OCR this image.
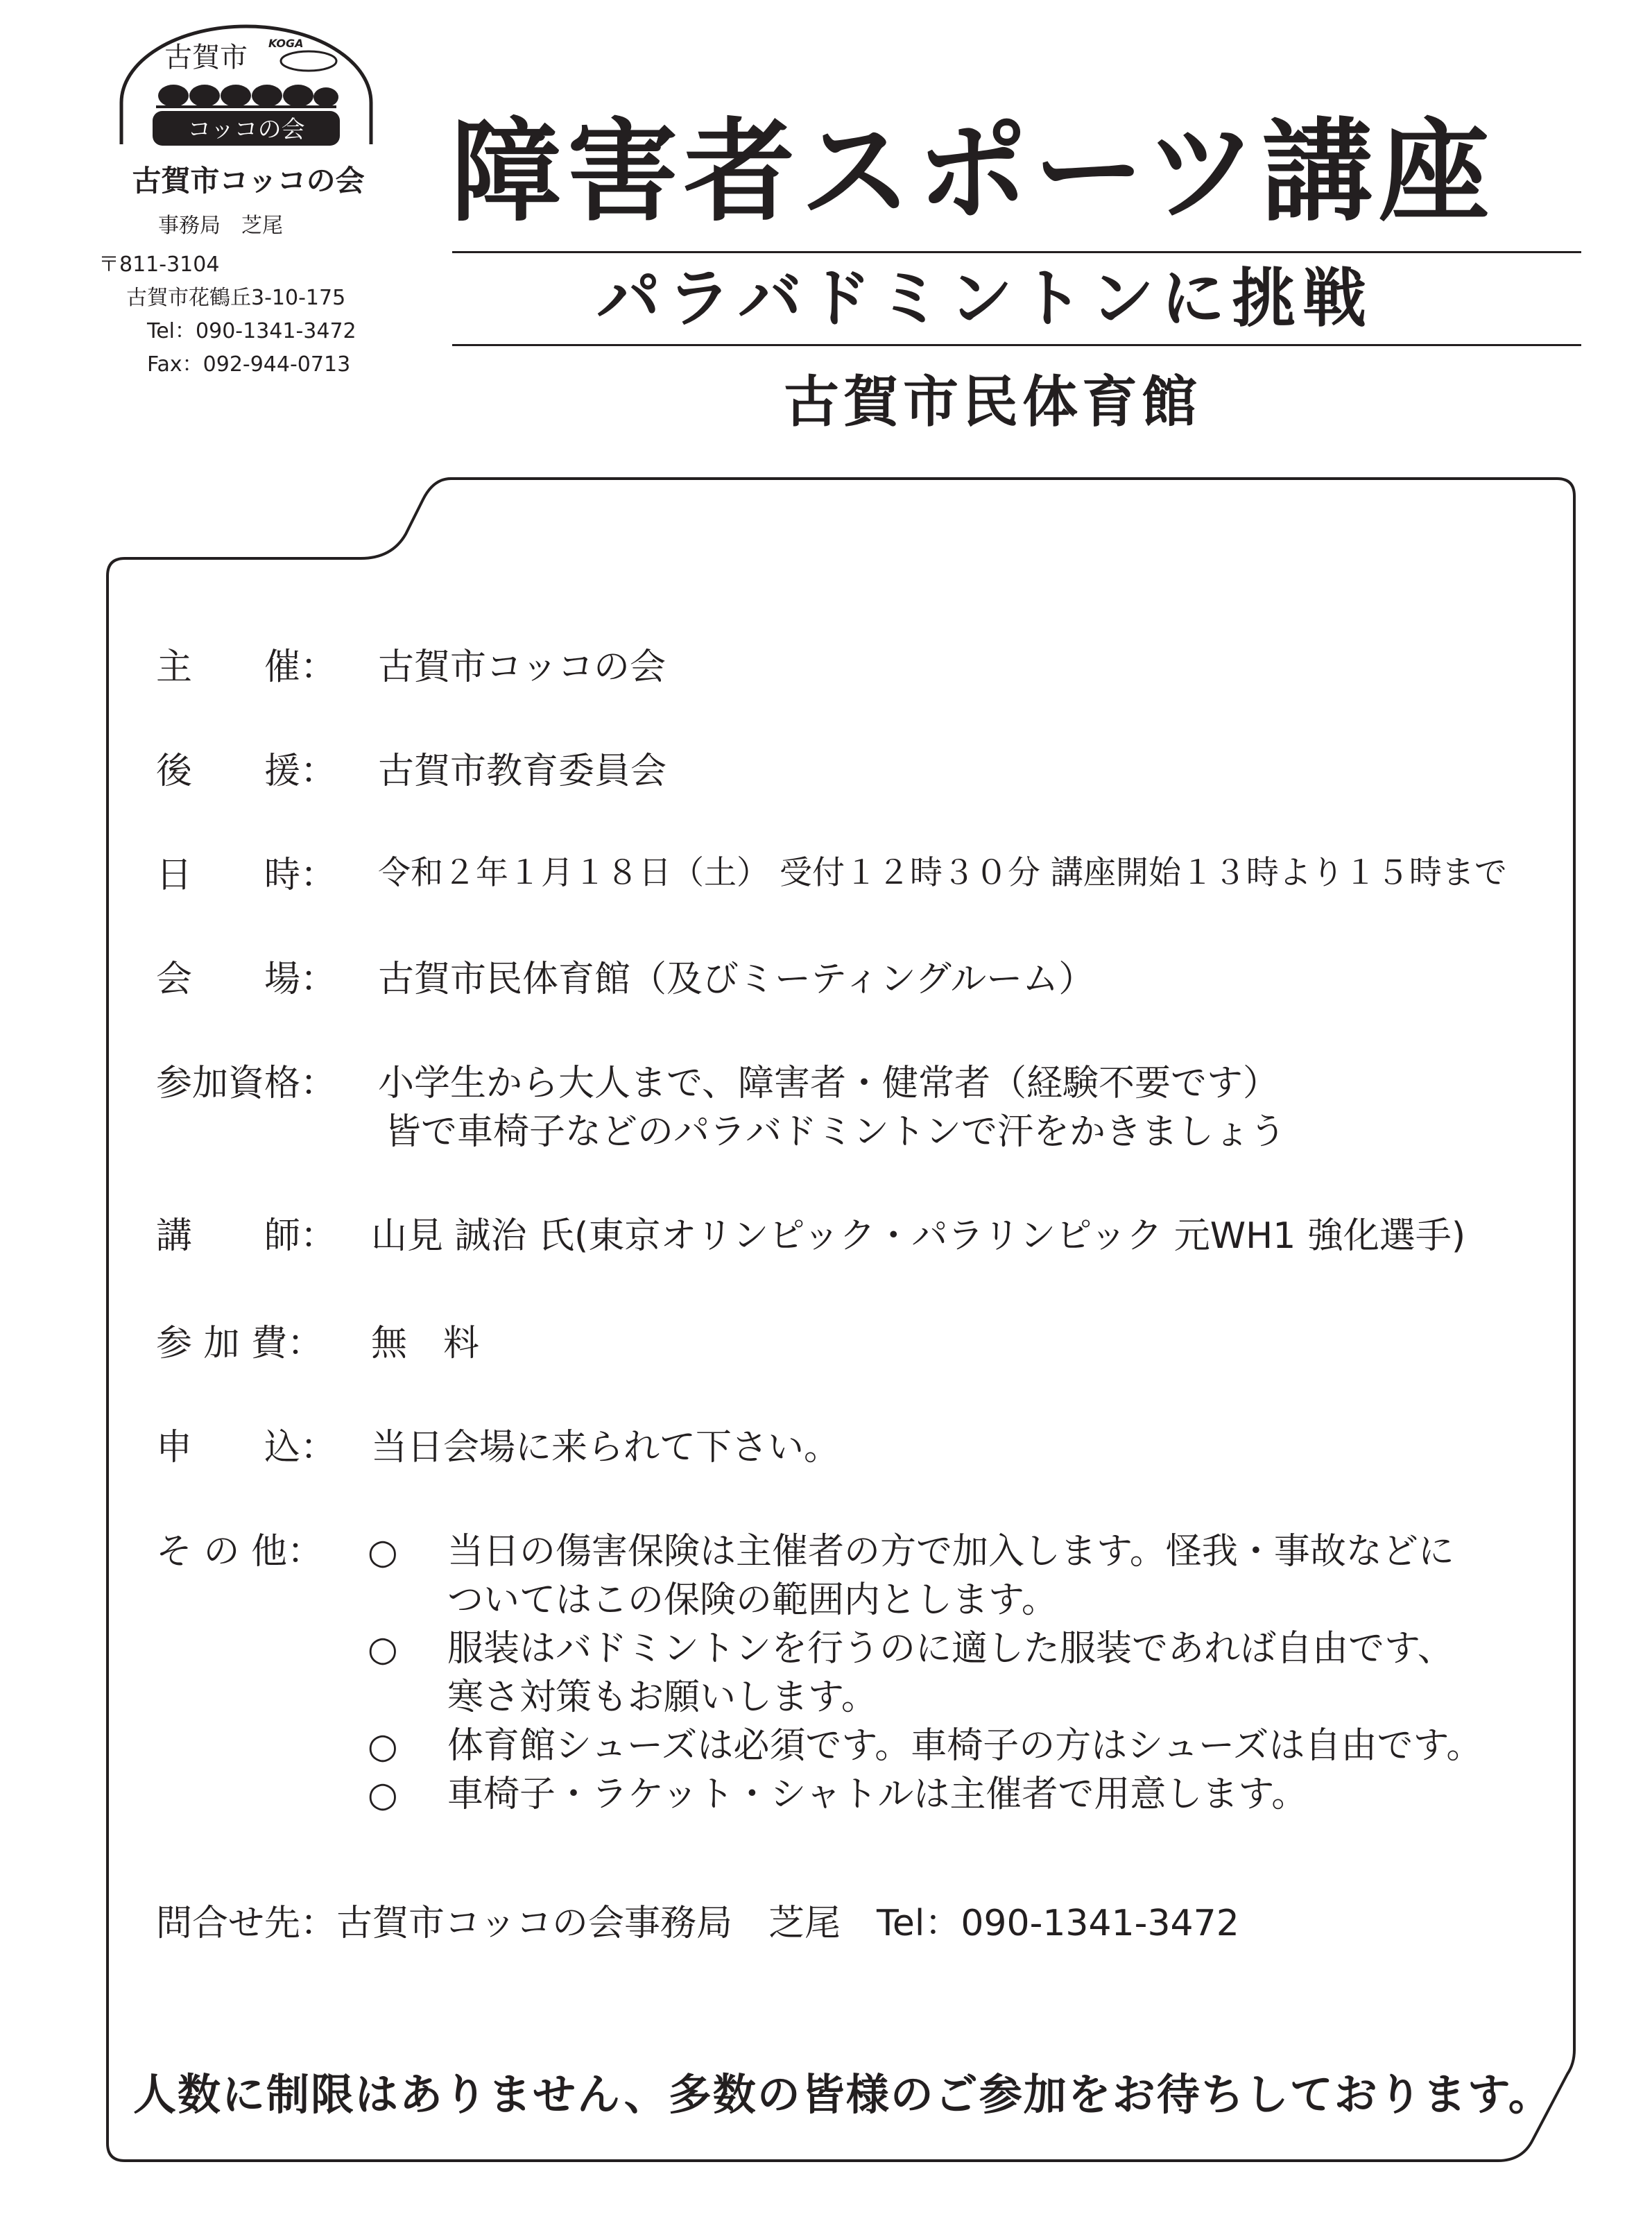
古賀市 KOGA
コッコの会
古賀市コッコの会
事務局　芝尾
〒811-3104
古賀市花鶴丘3-10-175
Tel：090-1341-3472
Fax：092-944-0713
障害者スポーツ講座
パラバドミントンに挑戦
古賀市民体育館
主　　催：	古賀市コッコの会
後　　援：	古賀市教育委員会
日　　時：	令和２年１月１８日（土） 受付１２時３０分 講座開始１３時より１５時まで
会　　場：	古賀市民体育館（及びミーティングルーム）
参加資格：	小学生から大人まで、障害者・健常者（経験不要です）
皆で車椅子などのパラバドミントンで汗をかきましょう
講　　師： 山見 誠治 氏(東京オリンピック・パラリンピック 元WH1 強化選手)
参 加 費：	無　料
申　　込： 当日会場に来られて下さい。
そ の 他：	○ 当日の傷害保険は主催者の方で加入します。怪我・事故などに
ついてはこの保険の範囲内とします。
○ 服装はバドミントンを行うのに適した服装であれば自由です、
寒さ対策もお願いします。
○ 体育館シューズは必須です。車椅子の方はシューズは自由です。
○ 車椅子・ラケット・シャトルは主催者で用意します。
問合せ先：古賀市コッコの会事務局　芝尾　Tel：090-1341-3472
人数に制限はありません、多数の皆様のご参加をお待ちしております。
